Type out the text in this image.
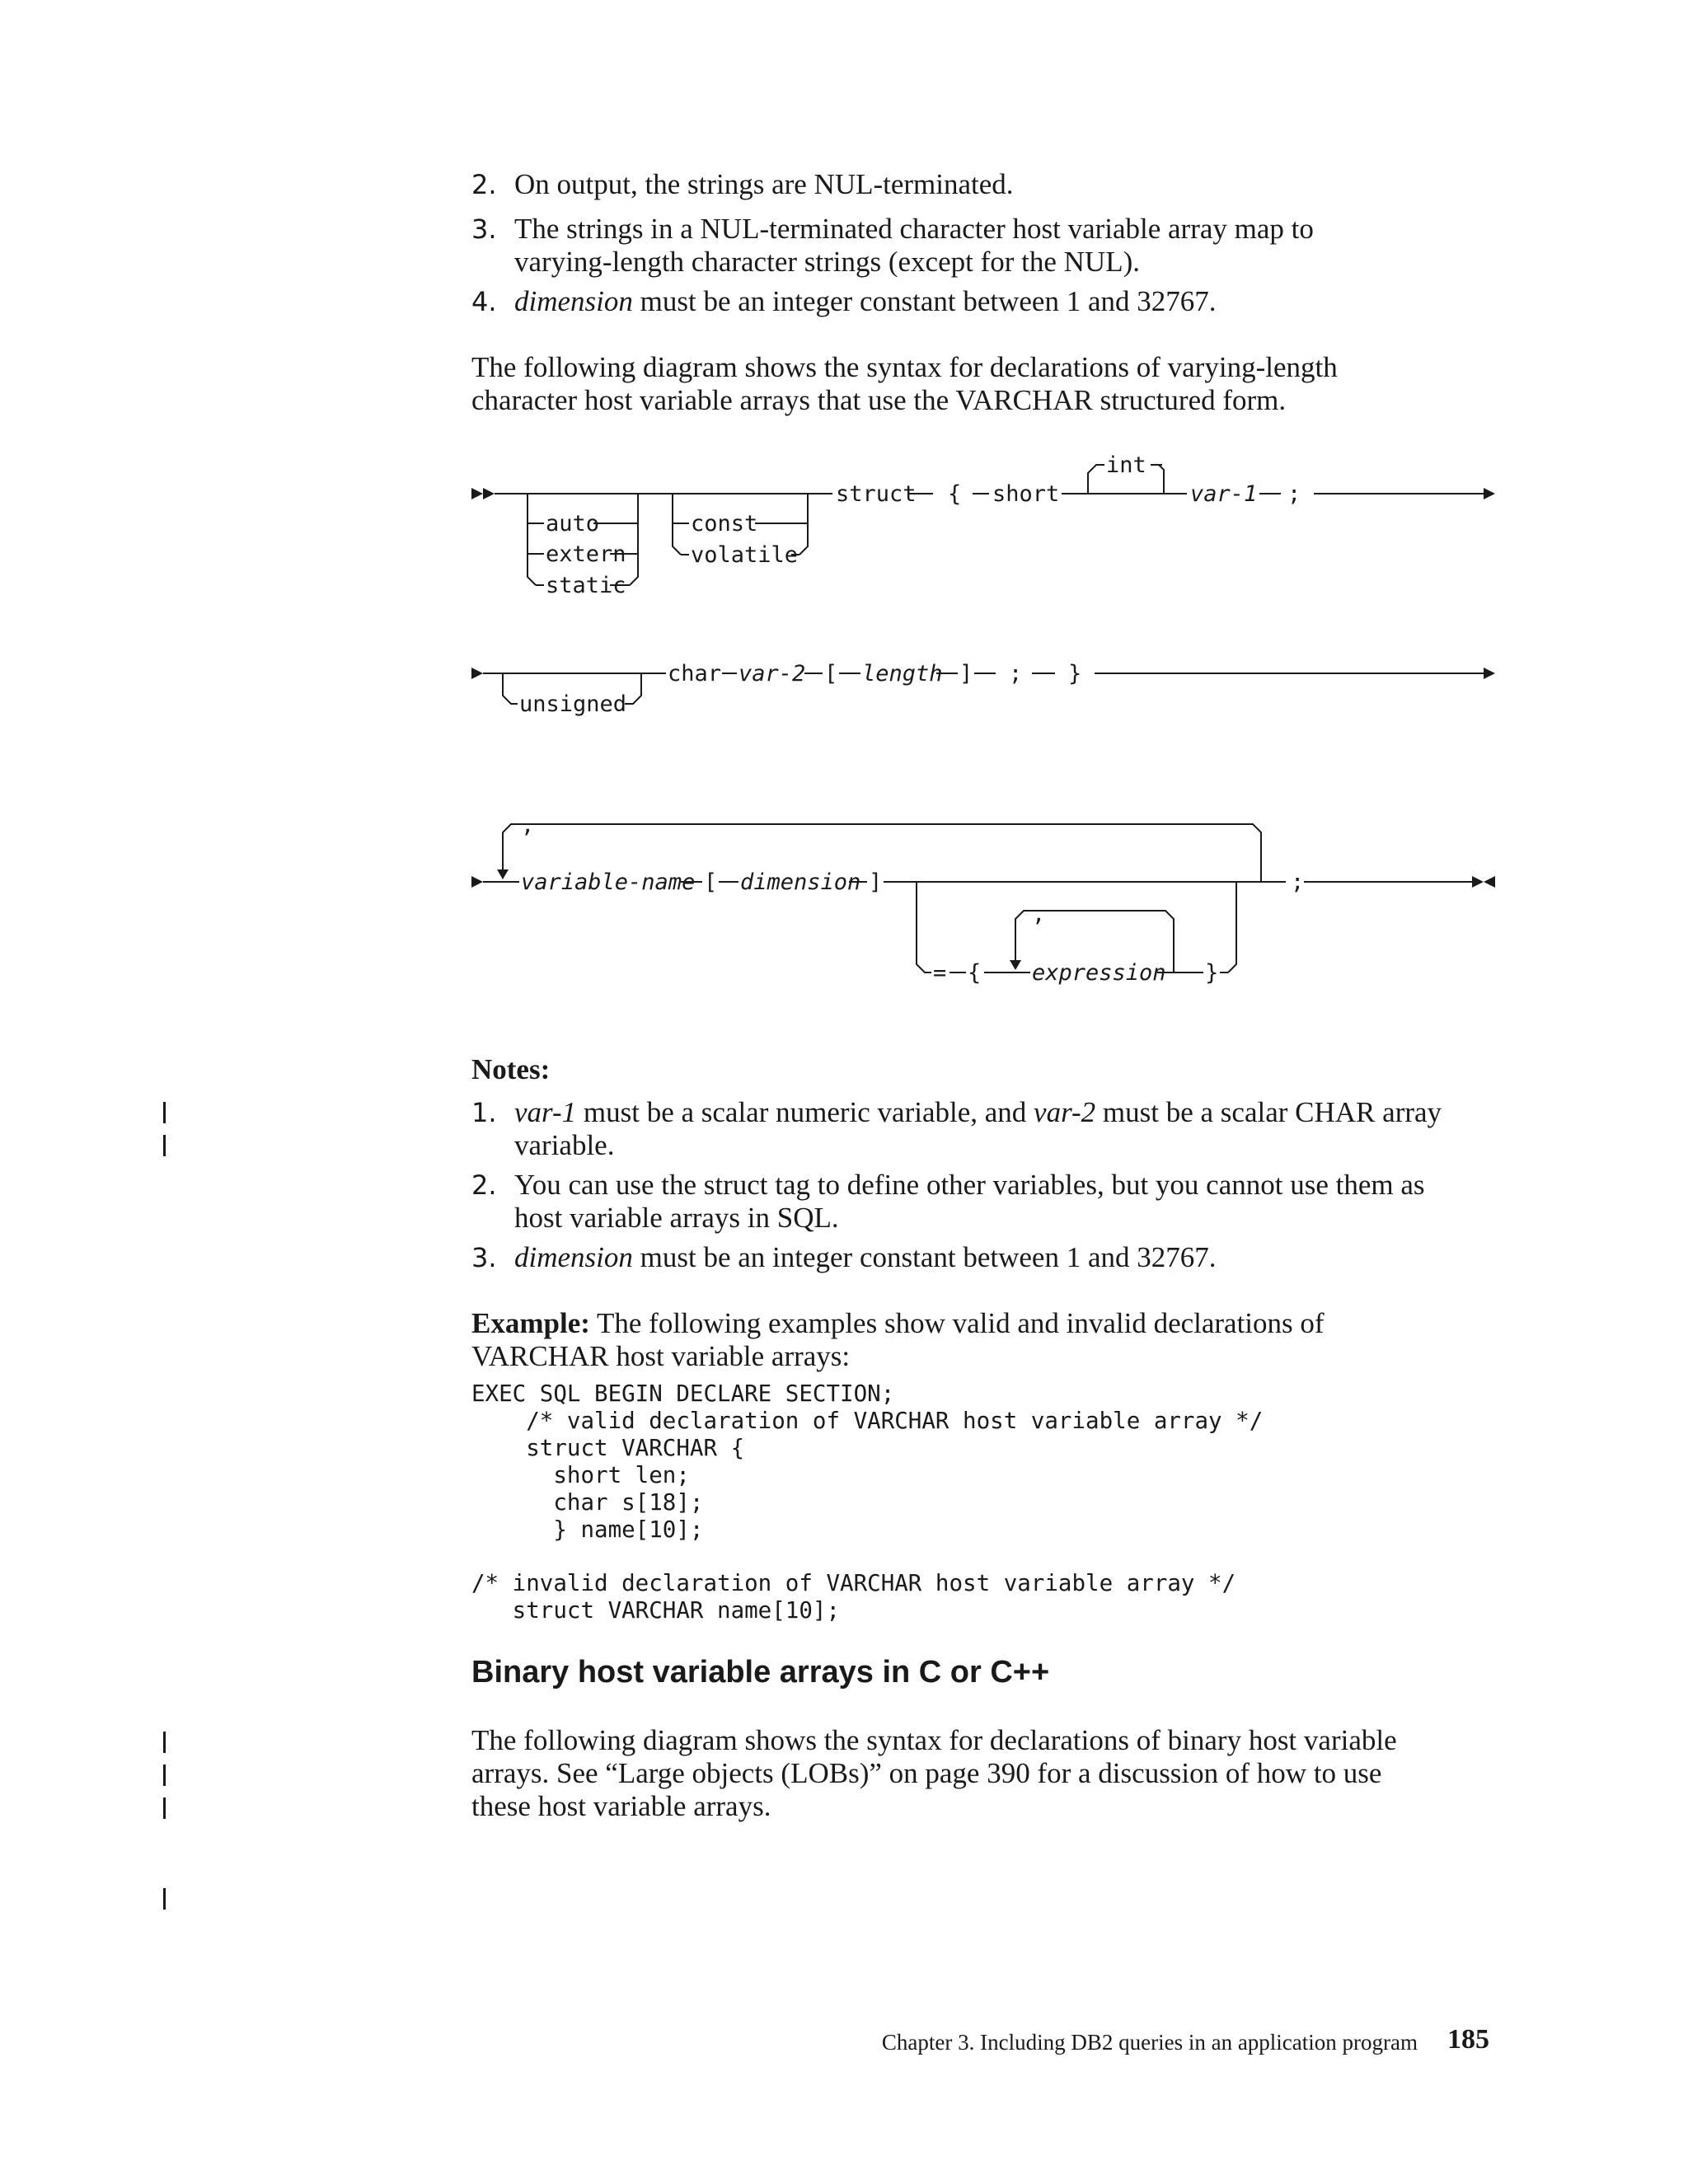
2. On output, the strings are NUL-terminated.
3. The strings in a NUL-terminated character host variable array map to
varying-length character strings (except for the NUL).
4. dimension must be an integer constant between 1 and 32767.
The following diagram shows the syntax for declarations of varying-length
character host variable arrays that use the VARCHAR structured form.
auto
extern
static
const
volatile
struct { short
int
var-1 ;
unsigned
char var-2 [ length ] ; }
,
variable-name [ dimension ]
= {
,
expression }
;
Notes:
1. var-1 must be a scalar numeric variable, and var-2 must be a scalar CHAR array
variable.
2. You can use the struct tag to define other variables, but you cannot use them as
host variable arrays in SQL.
3. dimension must be an integer constant between 1 and 32767.
Example: The following examples show valid and invalid declarations of
VARCHAR host variable arrays:
EXEC SQL BEGIN DECLARE SECTION;
/* valid declaration of VARCHAR host variable array */
struct VARCHAR {
short len;
char s[18];
} name[10];
/* invalid declaration of VARCHAR host variable array */
struct VARCHAR name[10];
Binary host variable arrays in C or C++
The following diagram shows the syntax for declarations of binary host variable
arrays. See “Large objects (LOBs)” on page 390 for a discussion of how to use
these host variable arrays.
Chapter 3. Including DB2 queries in an application program 185
